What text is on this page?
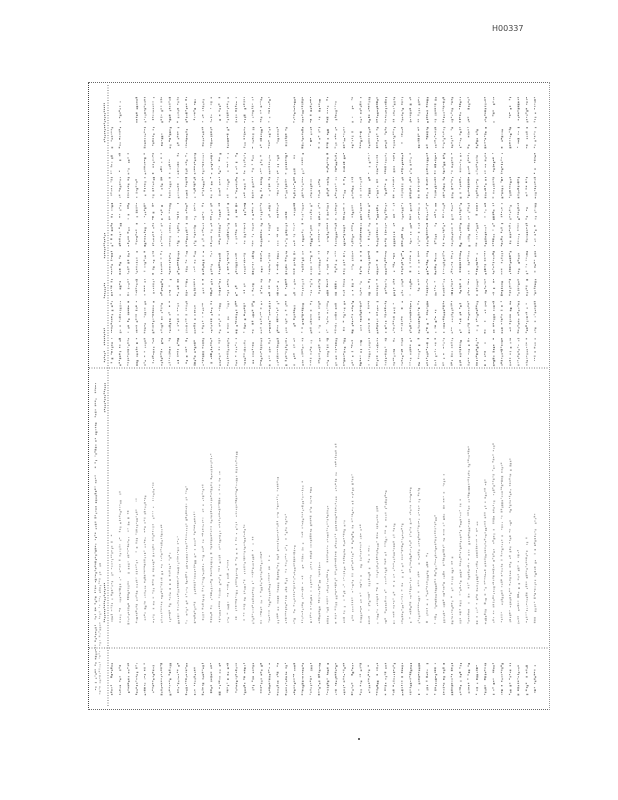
H00337
